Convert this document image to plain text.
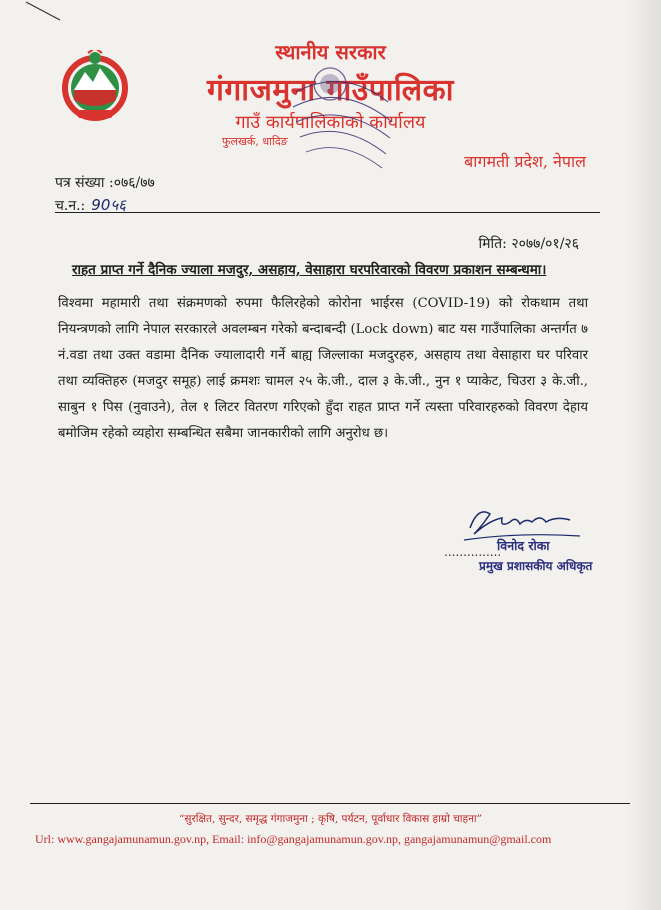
स्थानीय सरकार
गंगाजमुना गाउँपालिका
गाउँ कार्यपालिकाको कार्यालय
फुलखर्क, धादिङ
बागमती प्रदेश, नेपाल
पत्र संख्या :०७६/७७
च.न.: 90५६
मिति: २०७७/०१/२६
राहत प्राप्त गर्ने दैनिक ज्याला मजदुर, असहाय, वेसाहारा घरपरिवारको विवरण प्रकाशन सम्बन्धमा।
विश्वमा महामारी तथा संक्रमणको रुपमा फैलिरहेको कोरोना भाईरस (COVID-19) को रोकथाम तथा नियन्त्रणको लागि नेपाल सरकारले अवलम्बन गरेको बन्दाबन्दी (Lock down) बाट यस गाउँपालिका अन्तर्गत ७ नं.वडा तथा उक्त वडामा दैनिक ज्यालादारी गर्ने बाह्य जिल्लाका मजदुरहरु, असहाय तथा वेसाहारा घर परिवार तथा व्यक्तिहरु (मजदुर समूह) लाई क्रमशः चामल २५ के.जी., दाल ३ के.जी., नुन १ प्याकेट, चिउरा ३ के.जी., साबुन १ पिस (नुवाउने), तेल १ लिटर वितरण गरिएको हुँदा राहत प्राप्त गर्ने त्यस्ता परिवारहरुको विवरण देहाय बमोजिम रहेको व्यहोरा सम्बन्धित सबैमा जानकारीको लागि अनुरोध छ।
...............
विनोद रोका
प्रमुख प्रशासकीय अधिकृत
“सुरक्षित, सुन्दर, समृद्ध गंगाजमुना ; कृषि, पर्यटन, पूर्वाधार विकास हाम्रो चाहना”
Url: www.gangajamunamun.gov.np, Email: info@gangajamunamun.gov.np, gangajamunamun@gmail.com
